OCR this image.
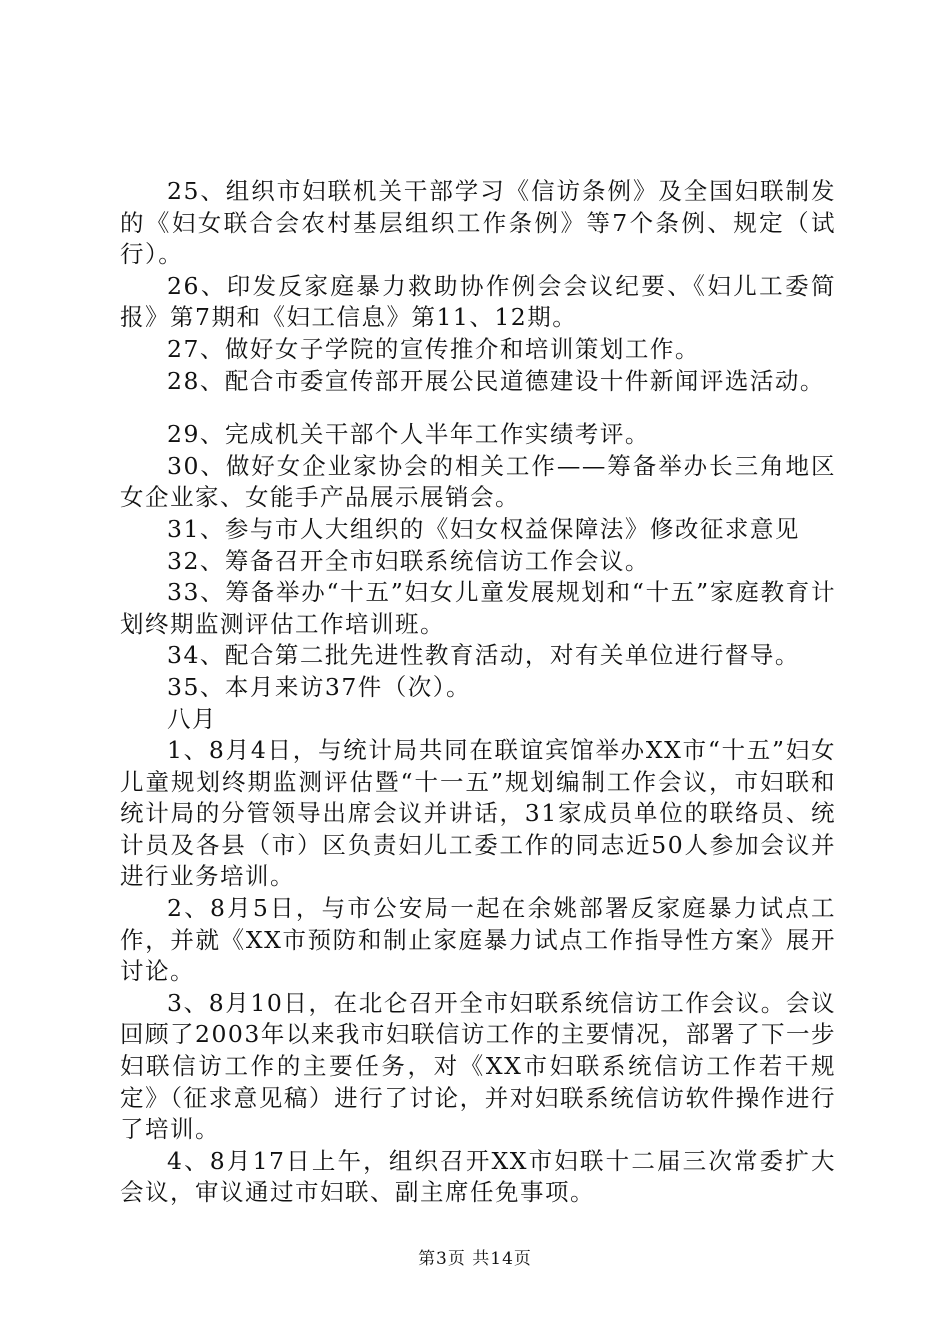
25、组织市妇联机关干部学习《信访条例》及全国妇联制发的《妇女联合会农村基层组织工作条例》等7个条例、规定（试行）。

26、印发反家庭暴力救助协作例会会议纪要、《妇儿工委简报》第7期和《妇工信息》第11、12期。

27、做好女子学院的宣传推介和培训策划工作。

28、配合市委宣传部开展公民道德建设十件新闻评选活动。

29、完成机关干部个人半年工作实绩考评。

30、做好女企业家协会的相关工作——筹备举办长三角地区女企业家、女能手产品展示展销会。

31、参与市人大组织的《妇女权益保障法》修改征求意见

32、筹备召开全市妇联系统信访工作会议。

33、筹备举办“十五”妇女儿童发展规划和“十五”家庭教育计划终期监测评估工作培训班。

34、配合第二批先进性教育活动，对有关单位进行督导。

35、本月来访37件（次）。

八月

1、8月4日，与统计局共同在联谊宾馆举办XX市“十五”妇女儿童规划终期监测评估暨“十一五”规划编制工作会议，市妇联和统计局的分管领导出席会议并讲话，31家成员单位的联络员、统计员及各县（市）区负责妇儿工委工作的同志近50人参加会议并进行业务培训。

2、8月5日，与市公安局一起在余姚部署反家庭暴力试点工作，并就《XX市预防和制止家庭暴力试点工作指导性方案》展开讨论。

3、8月10日，在北仑召开全市妇联系统信访工作会议。会议回顾了2003年以来我市妇联信访工作的主要情况，部署了下一步妇联信访工作的主要任务，对《XX市妇联系统信访工作若干规定》（征求意见稿）进行了讨论，并对妇联系统信访软件操作进行了培训。

4、8月17日上午，组织召开XX市妇联十二届三次常委扩大会议，审议通过市妇联、副主席任免事项。

第3页 共14页
